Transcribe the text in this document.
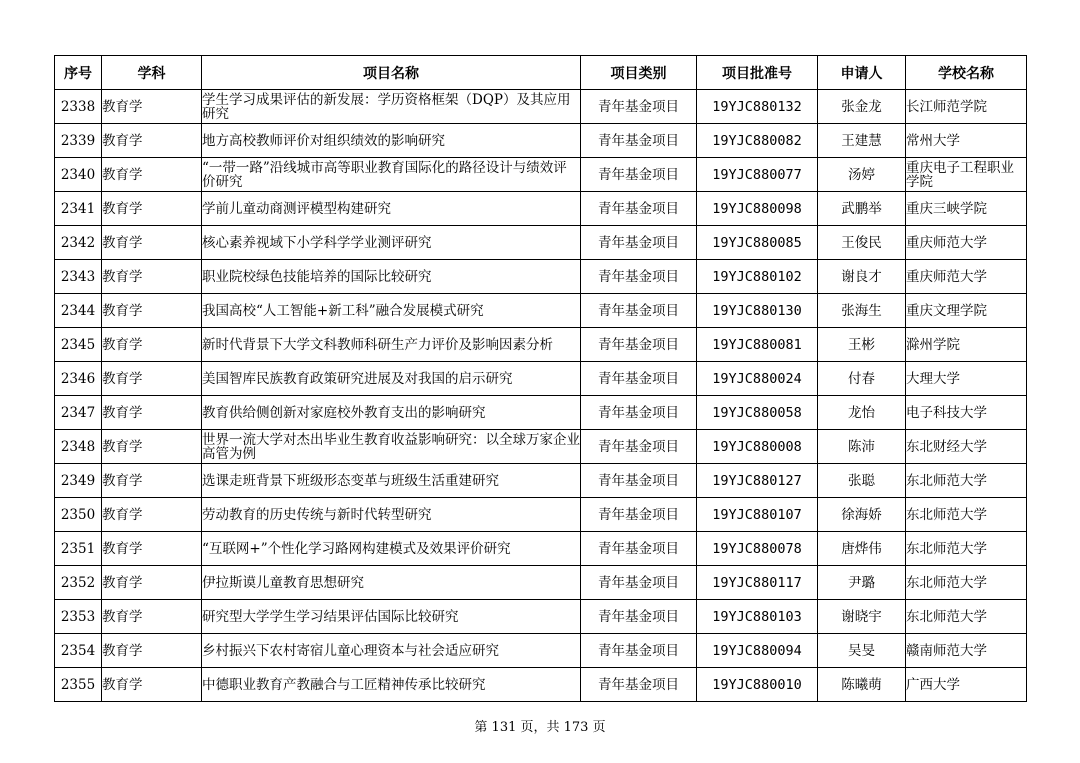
序号	学科	项目名称	项目类别	项目批准号	申请人	学校名称
2338	教育学	学生学习成果评估的新发展：学历资格框架（DQP）及其应用研究	青年基金项目	19YJC880132	张金龙	长江师范学院
2339	教育学	地方高校教师评价对组织绩效的影响研究	青年基金项目	19YJC880082	王建慧	常州大学
2340	教育学	“一带一路”沿线城市高等职业教育国际化的路径设计与绩效评价研究	青年基金项目	19YJC880077	汤婷	重庆电子工程职业学院
2341	教育学	学前儿童动商测评模型构建研究	青年基金项目	19YJC880098	武鹏举	重庆三峡学院
2342	教育学	核心素养视域下小学科学学业测评研究	青年基金项目	19YJC880085	王俊民	重庆师范大学
2343	教育学	职业院校绿色技能培养的国际比较研究	青年基金项目	19YJC880102	谢良才	重庆师范大学
2344	教育学	我国高校“人工智能+新工科”融合发展模式研究	青年基金项目	19YJC880130	张海生	重庆文理学院
2345	教育学	新时代背景下大学文科教师科研生产力评价及影响因素分析	青年基金项目	19YJC880081	王彬	滁州学院
2346	教育学	美国智库民族教育政策研究进展及对我国的启示研究	青年基金项目	19YJC880024	付春	大理大学
2347	教育学	教育供给侧创新对家庭校外教育支出的影响研究	青年基金项目	19YJC880058	龙怡	电子科技大学
2348	教育学	世界一流大学对杰出毕业生教育收益影响研究：以全球万家企业高管为例	青年基金项目	19YJC880008	陈沛	东北财经大学
2349	教育学	选课走班背景下班级形态变革与班级生活重建研究	青年基金项目	19YJC880127	张聪	东北师范大学
2350	教育学	劳动教育的历史传统与新时代转型研究	青年基金项目	19YJC880107	徐海娇	东北师范大学
2351	教育学	“互联网+”个性化学习路网构建模式及效果评价研究	青年基金项目	19YJC880078	唐烨伟	东北师范大学
2352	教育学	伊拉斯谟儿童教育思想研究	青年基金项目	19YJC880117	尹璐	东北师范大学
2353	教育学	研究型大学学生学习结果评估国际比较研究	青年基金项目	19YJC880103	谢晓宇	东北师范大学
2354	教育学	乡村振兴下农村寄宿儿童心理资本与社会适应研究	青年基金项目	19YJC880094	吴旻	赣南师范大学
2355	教育学	中德职业教育产教融合与工匠精神传承比较研究	青年基金项目	19YJC880010	陈曦萌	广西大学
第 131 页，共 173 页
